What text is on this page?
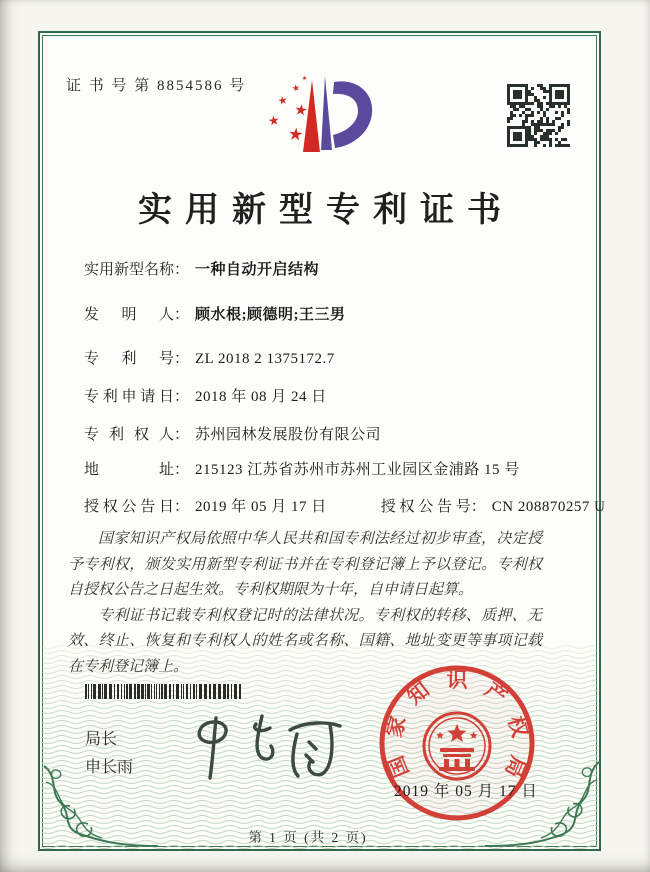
证 书 号 第 8854586 号	★
★
★
★
★
★
实用新型专利证书
实用新型名称： 一种自动开启结构
发明人： 顾水根;顾德明;王三男
专利号： ZL 2018 2 1375172.7
专利申请日： 2018 年 08 月 24 日
专利权人： 苏州园林发展股份有限公司
地址： 215123 江苏省苏州市苏州工业园区金浦路 15 号
授权公告日： 2019 年 05 月 17 日	授权公告号： CN 208870257 U

国家知识产权局依照中华人民共和国专利法经过初步审查，决定授予专利权，颁发实用新型专利证书并在专利登记簿上予以登记。专利权自授权公告之日起生效。专利权期限为十年，自申请日起算。

专利证书记载专利权登记时的法律状况。专利权的转移、质押、无效、终止、恢复和专利权人的姓名或名称、国籍、地址变更等事项记载在专利登记簿上。

局长
申长雨	国
家
知 识 产
权
局
2019 年 05 月 17 日
第 1 页 (共 2 页)
